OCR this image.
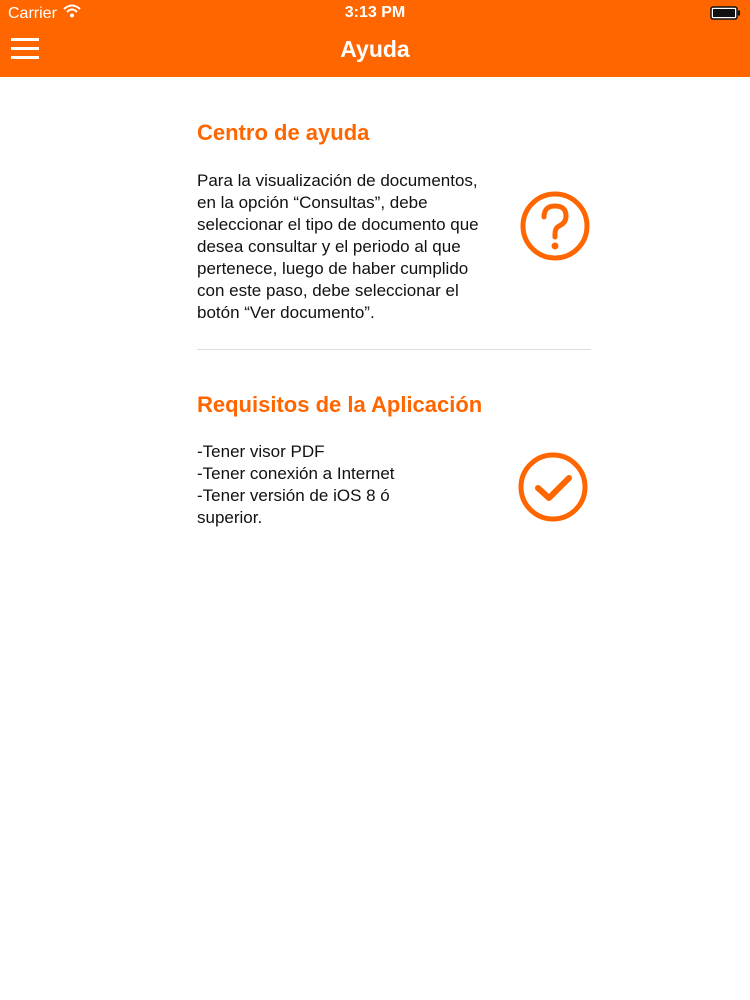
Carrier	3:13 PM
Ayuda
Centro de ayuda
Para la visualización de documentos,
en la opción “Consultas”, debe
seleccionar el tipo de documento que
desea consultar y el periodo al que
pertenece, luego de haber cumplido
con este paso, debe seleccionar el
botón “Ver documento”.
Requisitos de la Aplicación
-Tener visor PDF
-Tener conexión a Internet
-Tener versión de iOS 8 ó
superior.
